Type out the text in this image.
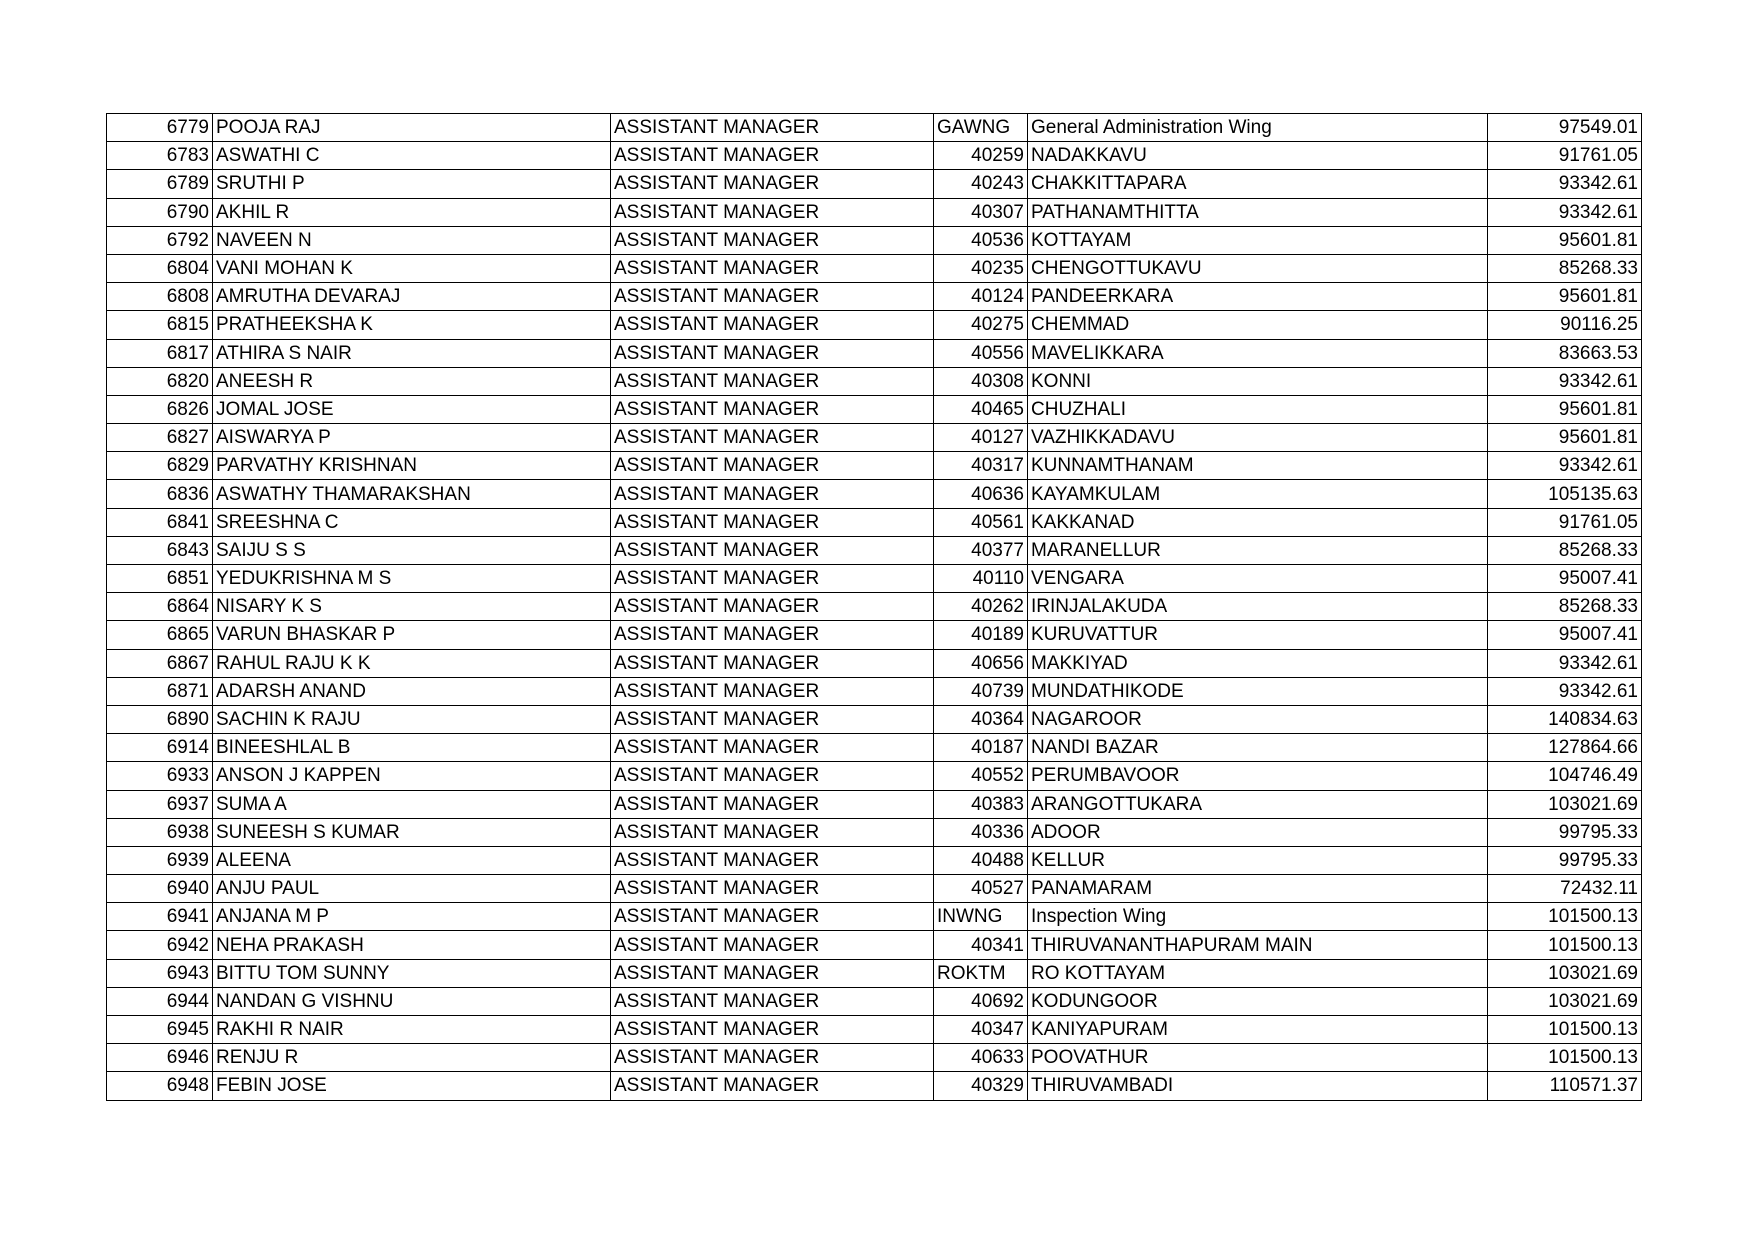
6779	POOJA RAJ	ASSISTANT MANAGER	GAWNG	General Administration Wing	97549.01
6783	ASWATHI C	ASSISTANT MANAGER	40259	NADAKKAVU	91761.05
6789	SRUTHI P	ASSISTANT MANAGER	40243	CHAKKITTAPARA	93342.61
6790	AKHIL R	ASSISTANT MANAGER	40307	PATHANAMTHITTA	93342.61
6792	NAVEEN N	ASSISTANT MANAGER	40536	KOTTAYAM	95601.81
6804	VANI MOHAN K	ASSISTANT MANAGER	40235	CHENGOTTUKAVU	85268.33
6808	AMRUTHA DEVARAJ	ASSISTANT MANAGER	40124	PANDEERKARA	95601.81
6815	PRATHEEKSHA K	ASSISTANT MANAGER	40275	CHEMMAD	90116.25
6817	ATHIRA S NAIR	ASSISTANT MANAGER	40556	MAVELIKKARA	83663.53
6820	ANEESH R	ASSISTANT MANAGER	40308	KONNI	93342.61
6826	JOMAL JOSE	ASSISTANT MANAGER	40465	CHUZHALI	95601.81
6827	AISWARYA P	ASSISTANT MANAGER	40127	VAZHIKKADAVU	95601.81
6829	PARVATHY KRISHNAN	ASSISTANT MANAGER	40317	KUNNAMTHANAM	93342.61
6836	ASWATHY THAMARAKSHAN	ASSISTANT MANAGER	40636	KAYAMKULAM	105135.63
6841	SREESHNA C	ASSISTANT MANAGER	40561	KAKKANAD	91761.05
6843	SAIJU S S	ASSISTANT MANAGER	40377	MARANELLUR	85268.33
6851	YEDUKRISHNA M S	ASSISTANT MANAGER	40110	VENGARA	95007.41
6864	NISARY K S	ASSISTANT MANAGER	40262	IRINJALAKUDA	85268.33
6865	VARUN BHASKAR P	ASSISTANT MANAGER	40189	KURUVATTUR	95007.41
6867	RAHUL RAJU K K	ASSISTANT MANAGER	40656	MAKKIYAD	93342.61
6871	ADARSH ANAND	ASSISTANT MANAGER	40739	MUNDATHIKODE	93342.61
6890	SACHIN K RAJU	ASSISTANT MANAGER	40364	NAGAROOR	140834.63
6914	BINEESHLAL B	ASSISTANT MANAGER	40187	NANDI BAZAR	127864.66
6933	ANSON J KAPPEN	ASSISTANT MANAGER	40552	PERUMBAVOOR	104746.49
6937	SUMA A	ASSISTANT MANAGER	40383	ARANGOTTUKARA	103021.69
6938	SUNEESH S KUMAR	ASSISTANT MANAGER	40336	ADOOR	99795.33
6939	ALEENA	ASSISTANT MANAGER	40488	KELLUR	99795.33
6940	ANJU PAUL	ASSISTANT MANAGER	40527	PANAMARAM	72432.11
6941	ANJANA M P	ASSISTANT MANAGER	INWNG	Inspection Wing	101500.13
6942	NEHA PRAKASH	ASSISTANT MANAGER	40341	THIRUVANANTHAPURAM MAIN	101500.13
6943	BITTU TOM SUNNY	ASSISTANT MANAGER	ROKTM	RO KOTTAYAM	103021.69
6944	NANDAN G VISHNU	ASSISTANT MANAGER	40692	KODUNGOOR	103021.69
6945	RAKHI R NAIR	ASSISTANT MANAGER	40347	KANIYAPURAM	101500.13
6946	RENJU R	ASSISTANT MANAGER	40633	POOVATHUR	101500.13
6948	FEBIN JOSE	ASSISTANT MANAGER	40329	THIRUVAMBADI	110571.37
